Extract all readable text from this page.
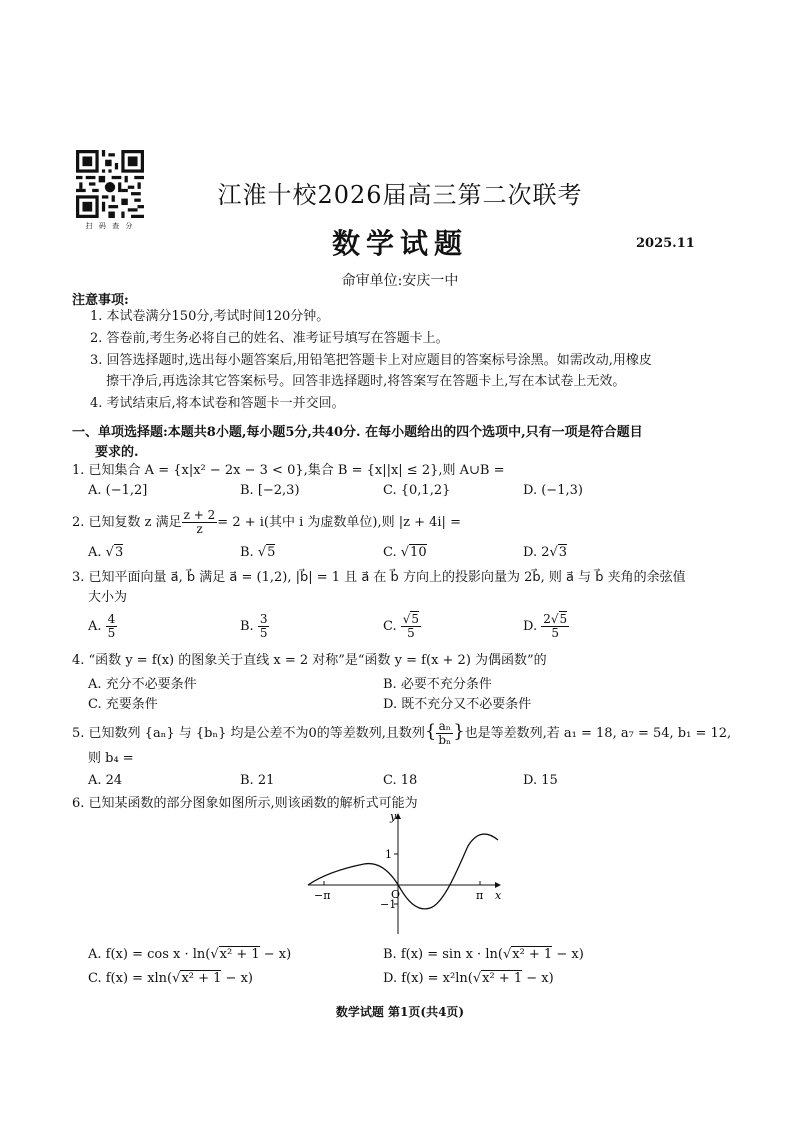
扫 码 查 分
江淮十校2026届高三第二次联考
数学试题	2025.11
命审单位:安庆一中
注意事项:
1. 本试卷满分150分,考试时间120分钟。
2. 答卷前,考生务必将自己的姓名、准考证号填写在答题卡上。
3. 回答选择题时,选出每小题答案后,用铅笔把答题卡上对应题目的答案标号涂黑。如需改动,用橡皮
擦干净后,再选涂其它答案标号。回答非选择题时,将答案写在答题卡上,写在本试卷上无效。
4. 考试结束后,将本试卷和答题卡一并交回。
一、单项选择题:本题共8小题,每小题5分,共40分. 在每小题给出的四个选项中,只有一项是符合题目
要求的.
1. 已知集合 A = {x|x² − 2x − 3 < 0},集合 B = {x||x| ≤ 2},则 A∪B =
A. (−1,2]	B. [−2,3)	C. {0,1,2}	D. (−1,3)
2. 已知复数 z 满足 $\frac{z + 2}{z} = 2 + i$(其中 i 为虚数单位),则 |z + 4i| =
A. √3	B. √5	C. √10	D. 2√3
3. 已知平面向量 a⃗, b⃗ 满足 a⃗ = (1,2), |b⃗| = 1 且 a⃗ 在 b⃗ 方向上的投影向量为 2b⃗, 则 a⃗ 与 b⃗ 夹角的余弦值
大小为
A. $\frac{4}{5}$	B. $\frac{3}{5}$	C. $\frac{√5}{5}$	D. $\frac{2√5}{5}$
4. “函数 y = f(x) 的图象关于直线 x = 2 对称”是“函数 y = f(x + 2) 为偶函数”的
A. 充分不必要条件	B. 必要不充分条件
C. 充要条件	D. 既不充分又不必要条件
5. 已知数列 {aₙ} 与 {bₙ} 均是公差不为0的等差数列,且数列{ $\frac{\text{aₙ}}{\text{bₙ}}$ }也是等差数列,若 a₁ = 18, a₇ = 54, b₁ = 12,
则 b₄ =
A. 24	B. 21	C. 18	D. 15
6. 已知某函数的部分图象如图所示,则该函数的解析式可能为
y
x
O
1
−1
−π	π
A. f(x) = cos x · ln(√x² + 1 − x)	B. f(x) = sin x · ln(√x² + 1 − x)
C. f(x) = xln(√x² + 1 − x)	D. f(x) = x²ln(√x² + 1 − x)
数学试题 第1页(共4页)
